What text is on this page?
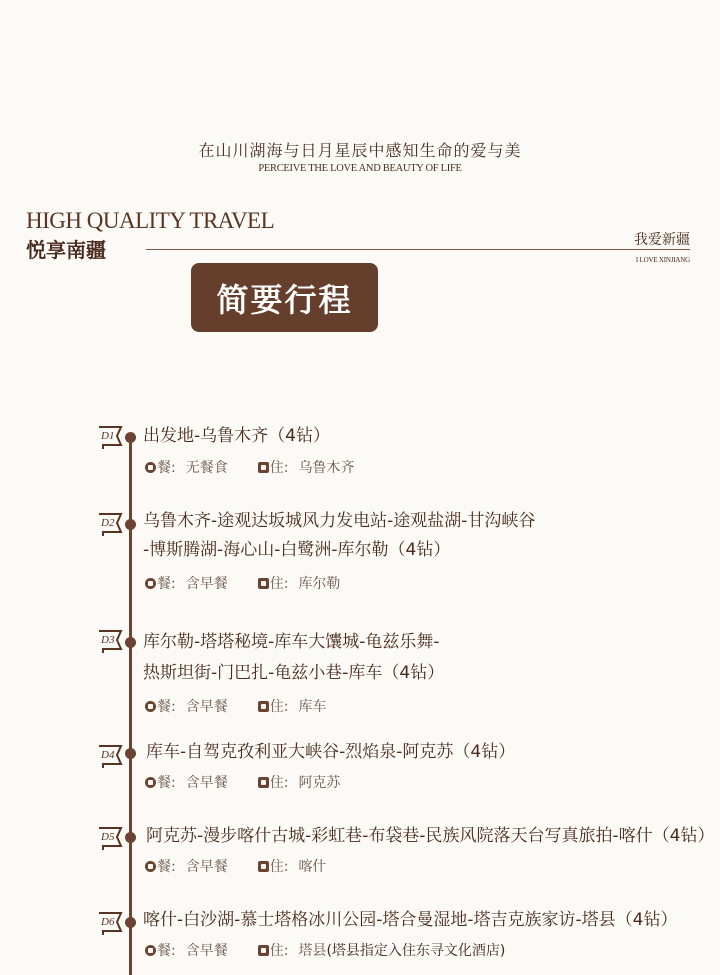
在山川湖海与日月星辰中感知生命的爱与美
PERCEIVE THE LOVE AND BEAUTY OF LIFE
HIGH QUALITY TRAVEL
悦享南疆	我爱新疆
I LOVE XINJIANG
简要行程
D1	出发地-乌鲁木齐（4钻）
餐: 无餐食	住: 乌鲁木齐
D2	乌鲁木齐-途观达坂城风力发电站-途观盐湖-甘沟峡谷
-博斯腾湖-海心山-白鹭洲-库尔勒（4钻）
餐: 含早餐	住: 库尔勒
D3	库尔勒-塔塔秘境-库车大馕城-龟兹乐舞-
热斯坦街-门巴扎-龟兹小巷-库车（4钻）
餐: 含早餐	住: 库车
D4	库车-自驾克孜利亚大峡谷-烈焰泉-阿克苏（4钻）
餐: 含早餐	住: 阿克苏
D5	阿克苏-漫步喀什古城-彩虹巷-布袋巷-民族风院落天台写真旅拍-喀什（4钻）
餐: 含早餐	住: 喀什
D6	喀什-白沙湖-慕士塔格冰川公园-塔合曼湿地-塔吉克族家访-塔县（4钻）
餐: 含早餐	住: 塔县 (塔县指定入住东寻文化酒店)
